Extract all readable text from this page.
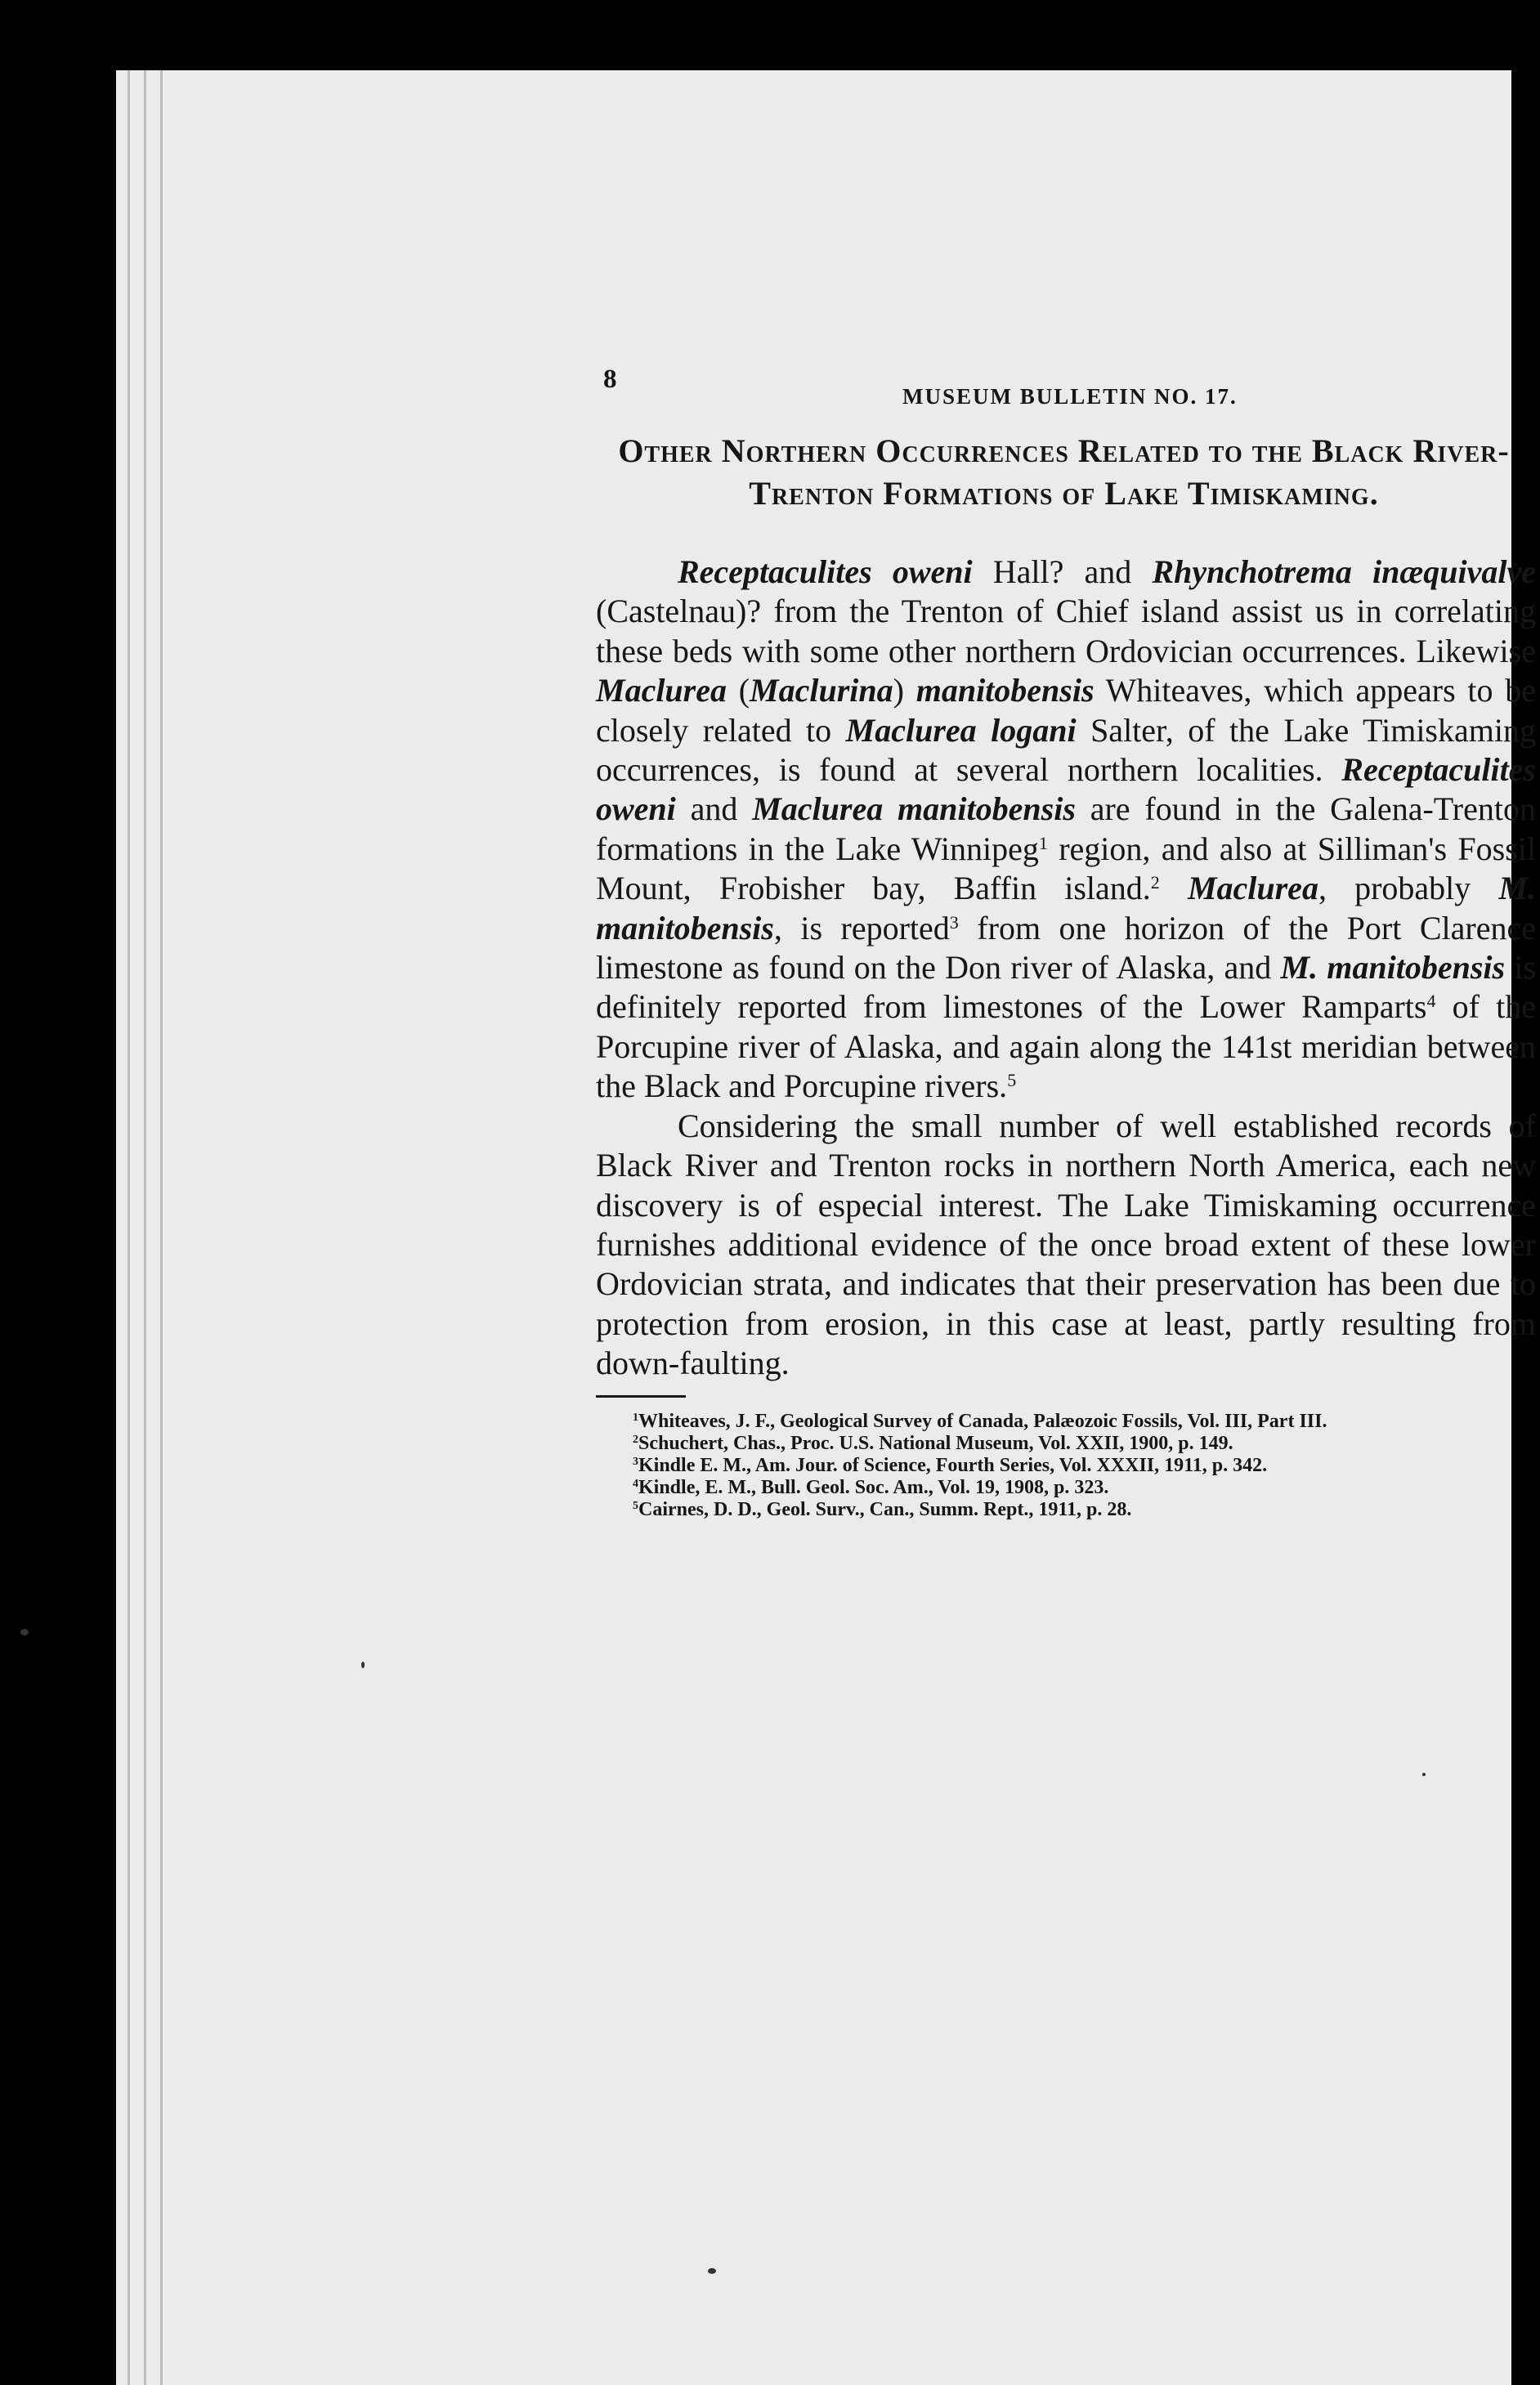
8
MUSEUM BULLETIN NO. 17.
Other Northern Occurrences Related to the Black River-Trenton Formations of Lake Timiskaming.

Receptaculites oweni Hall? and Rhynchotrema inæquivalve (Castelnau)? from the Trenton of Chief island assist us in correlating these beds with some other northern Ordovician occurrences. Likewise Maclurea (Maclurina) manitobensis Whiteaves, which appears to be closely related to Maclurea logani Salter, of the Lake Timiskaming occurrences, is found at several northern localities. Receptaculites oweni and Maclurea manitobensis are found in the Galena-Trenton formations in the Lake Winnipeg$^1$ region, and also at Silliman's Fossil Mount, Frobisher bay, Baffin island.$^2$ Maclurea, probably M. manitobensis, is reported$^3$ from one horizon of the Port Clarence limestone as found on the Don river of Alaska, and M. manitobensis is definitely reported from limestones of the Lower Ramparts$^4$ of the Porcupine river of Alaska, and again along the 141st meridian between the Black and Porcupine rivers.$^5$

Considering the small number of well established records of Black River and Trenton rocks in northern North America, each new discovery is of especial interest. The Lake Timiskaming occurrence furnishes additional evidence of the once broad extent of these lower Ordovician strata, and indicates that their preservation has been due to protection from erosion, in this case at least, partly resulting from down-faulting.

$^1$Whiteaves, J. F., Geological Survey of Canada, Palæozoic Fossils, Vol. III, Part III.
$^2$Schuchert, Chas., Proc. U.S. National Museum, Vol. XXII, 1900, p. 149.
$^3$Kindle E. M., Am. Jour. of Science, Fourth Series, Vol. XXXII, 1911, p. 342.
$^4$Kindle, E. M., Bull. Geol. Soc. Am., Vol. 19, 1908, p. 323.
$^5$Cairnes, D. D., Geol. Surv., Can., Summ. Rept., 1911, p. 28.
